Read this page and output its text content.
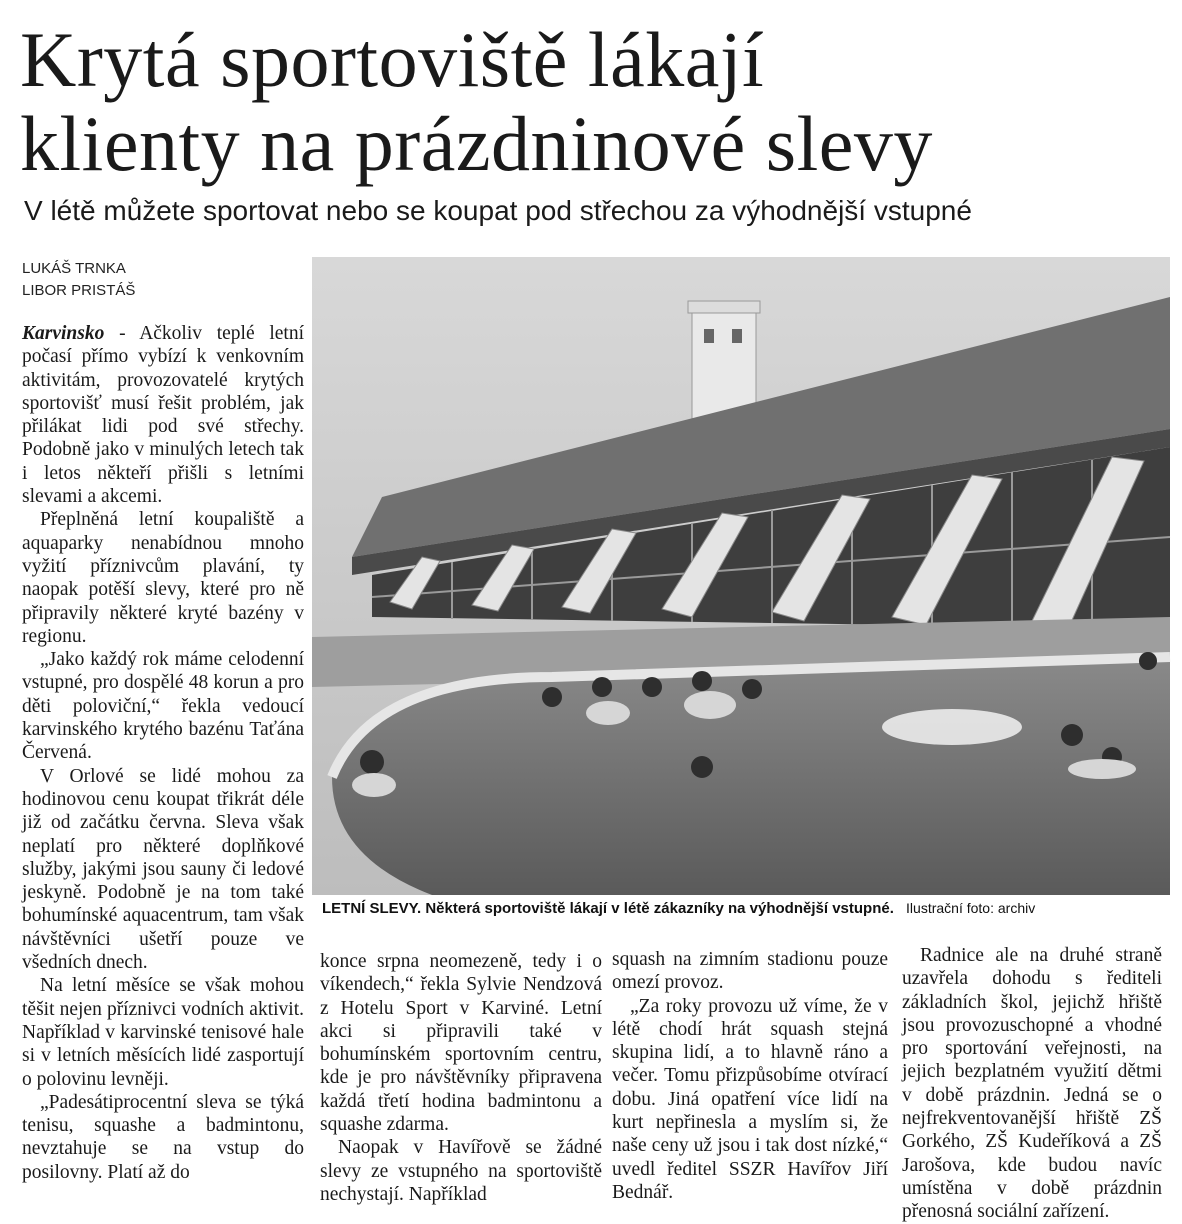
Krytá sportoviště lákají
klienty na prázdninové slevy

V létě můžete sportovat nebo se koupat pod střechou za výhodnější vstupné

LUKÁŠ TRNKA
LIBOR PRISTÁŠ

Karvinsko - Ačkoliv teplé letní počasí přímo vybízí k venkovním aktivitám, provozovatelé krytých sportovišť musí řešit problém, jak přilákat lidi pod své střechy. Podobně jako v minulých letech tak i letos někteří přišli s letními slevami a akcemi.

Přeplněná letní koupaliště a aquaparky nenabídnou mnoho vyžití příznivcům plavání, ty naopak potěší slevy, které pro ně připravily některé kryté bazény v regionu.

„Jako každý rok máme celodenní vstupné, pro dospělé 48 korun a pro děti poloviční,“ řekla vedoucí karvinského krytého bazénu Taťána Červená.

V Orlové se lidé mohou za hodinovou cenu koupat třikrát déle již od začátku června. Sleva však neplatí pro některé doplňkové služby, jakými jsou sauny či ledové jeskyně. Podobně je na tom také bohumínské aquacentrum, tam však návštěvníci ušetří pouze ve všedních dnech.

Na letní měsíce se však mohou těšit nejen příznivci vodních aktivit. Například v karvinské tenisové hale si v letních měsících lidé zasportují o polovinu levněji.

„Padesátiprocentní sleva se týká tenisu, squashe a badmintonu, nevztahuje se na vstup do posilovny. Platí až do

LETNÍ SLEVY. Některá sportoviště lákají v létě zákazníky na výhodnější vstupné. Ilustrační foto: archiv

konce srpna neomezeně, tedy i o víkendech,“ řekla Sylvie Nendzová z Hotelu Sport v Karviné. Letní akci si připravili také v bohumínském sportovním centru, kde je pro návštěvníky připravena každá třetí hodina badmintonu a squashe zdarma.

Naopak v Havířově se žádné slevy ze vstupného na sportoviště nechystají. Například

squash na zimním stadionu pouze omezí provoz.

„Za roky provozu už víme, že v létě chodí hrát squash stejná skupina lidí, a to hlavně ráno a večer. Tomu přizpůsobíme otvírací dobu. Jiná opatření více lidí na kurt nepřinesla a myslím si, že naše ceny už jsou i tak dost nízké,“ uvedl ředitel SSZR Havířov Jiří Bednář.

Radnice ale na druhé straně uzavřela dohodu s řediteli základních škol, jejichž hřiště jsou provozuschopné a vhodné pro sportování veřejnosti, na jejich bezplatném využití dětmi v době prázdnin. Jedná se o nejfrekventovanější hřiště ZŠ Gorkého, ZŠ Kudeříková a ZŠ Jarošova, kde budou navíc umístěna v době prázdnin přenosná sociální zařízení.
